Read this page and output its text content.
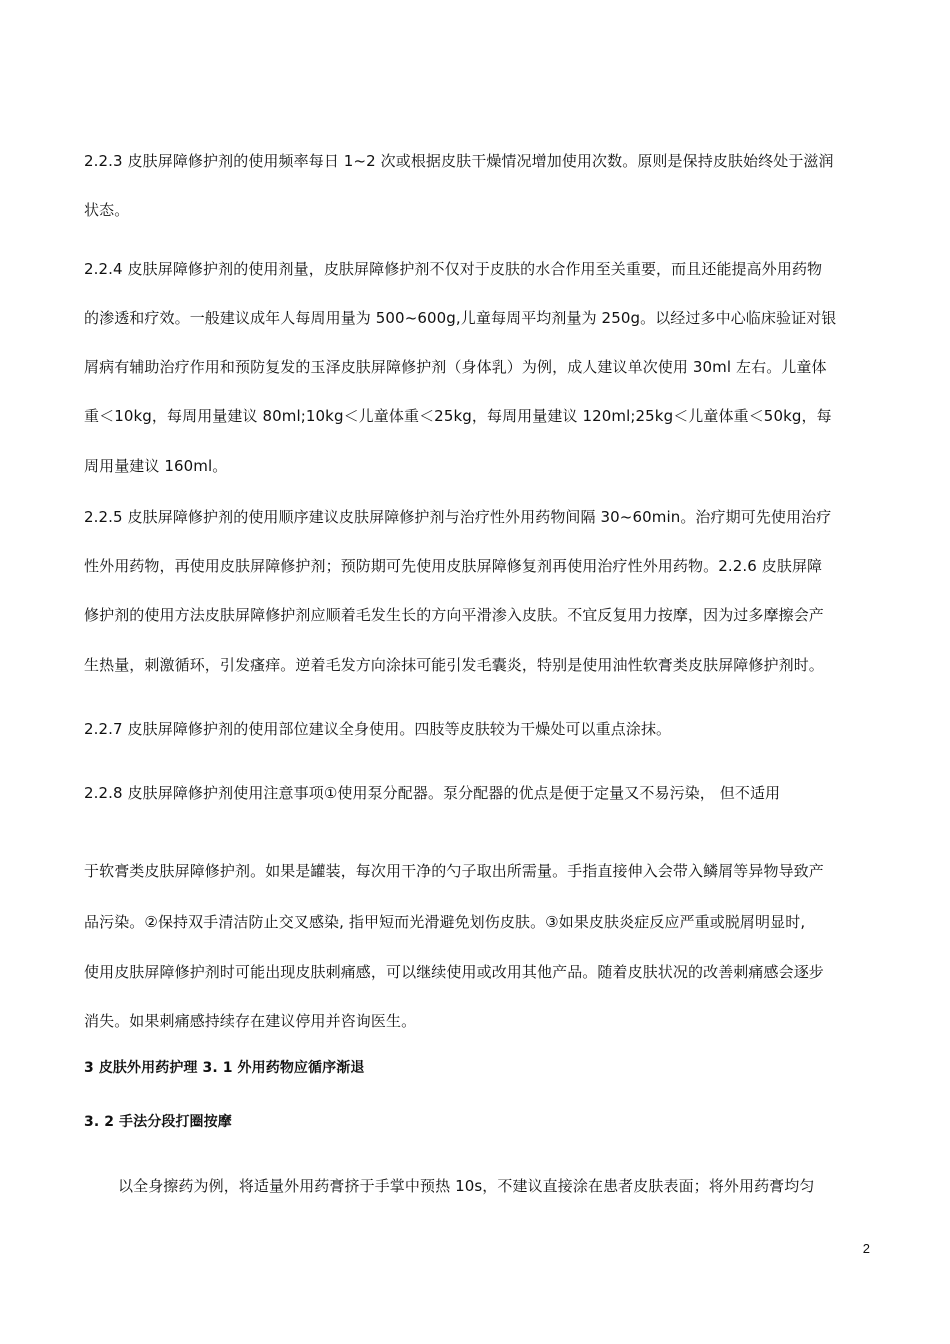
2.2.3 皮肤屏障修护剂的使用频率每日 1~2 次或根据皮肤干燥情况增加使用次数。原则是保持皮肤始终处于滋润
状态。
2.2.4 皮肤屏障修护剂的使用剂量，皮肤屏障修护剂不仅对于皮肤的水合作用至关重要，而且还能提高外用药物
的渗透和疗效。一般建议成年人每周用量为 500~600g,儿童每周平均剂量为 250g。以经过多中心临床验证对银
屑病有辅助治疗作用和预防复发的玉泽皮肤屏障修护剂（身体乳）为例，成人建议单次使用 30ml 左右。儿童体
重＜10kg，每周用量建议 80ml;10kg＜儿童体重＜25kg，每周用量建议 120ml;25kg＜儿童体重＜50kg，每
周用量建议 160ml。
2.2.5 皮肤屏障修护剂的使用顺序建议皮肤屏障修护剂与治疗性外用药物间隔 30~60min。治疗期可先使用治疗
性外用药物，再使用皮肤屏障修护剂；预防期可先使用皮肤屏障修复剂再使用治疗性外用药物。2.2.6 皮肤屏障
修护剂的使用方法皮肤屏障修护剂应顺着毛发生长的方向平滑渗入皮肤。不宜反复用力按摩，因为过多摩擦会产
生热量，刺激循环，引发瘙痒。逆着毛发方向涂抹可能引发毛囊炎，特别是使用油性软膏类皮肤屏障修护剂时。
2.2.7 皮肤屏障修护剂的使用部位建议全身使用。四肢等皮肤较为干燥处可以重点涂抹。
2.2.8 皮肤屏障修护剂使用注意事项①使用泵分配器。泵分配器的优点是便于定量又不易污染， 但不适用
于软膏类皮肤屏障修护剂。如果是罐装，每次用干净的勺子取出所需量。手指直接伸入会带入鳞屑等异物导致产
品污染。②保持双手清洁防止交叉感染, 指甲短而光滑避免划伤皮肤。③如果皮肤炎症反应严重或脱屑明显时,
使用皮肤屏障修护剂时可能出现皮肤刺痛感，可以继续使用或改用其他产品。随着皮肤状况的改善刺痛感会逐步
消失。如果刺痛感持续存在建议停用并咨询医生。
3 皮肤外用药护理 3. 1 外用药物应循序渐退
3. 2 手法分段打圈按摩
以全身擦药为例，将适量外用药膏挤于手掌中预热 10s，不建议直接涂在患者皮肤表面；将外用药膏均匀
2
